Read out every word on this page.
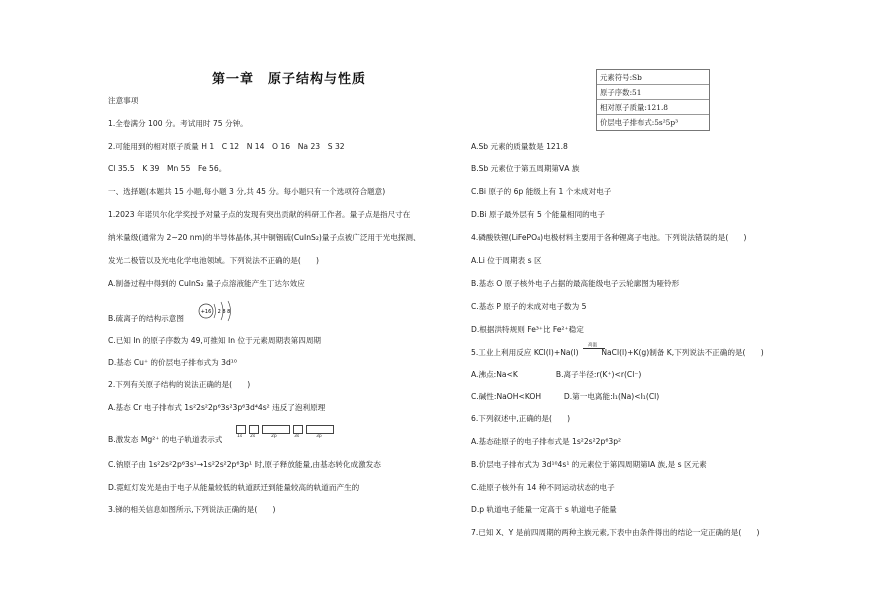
第一章　原子结构与性质	元素符号:Sb
原子序数:51
相对原子质量:121.8
价层电子排布式:5s²5p³
注意事项
1.全卷满分 100 分。考试用时 75 分钟。
2.可能用到的相对原子质量 H 1　C 12　N 14　O 16　Na 23　S 32
Cl 35.5　K 39　Mn 55　Fe 56。
一、选择题(本题共 15 小题,每小题 3 分,共 45 分。每小题只有一个选项符合题意)
1.2023 年诺贝尔化学奖授予对量子点的发现有突出贡献的科研工作者。量子点是指尺寸在
纳米量级(通常为 2~20 nm)的半导体晶体,其中铜铟硫(CuInS₂)量子点被广泛用于光电探测、
发光二极管以及光电化学电池领域。下列说法不正确的是(　　)
A.制备过程中得到的 CuInS₂ 量子点溶液能产生丁达尔效应
B.硫离子的结构示意图
C.已知 In 的原子序数为 49,可推知 In 位于元素周期表第四周期
D.基态 Cu⁺ 的价层电子排布式为 3d¹⁰
2.下列有关原子结构的说法正确的是(　　)
A.基态 Cr 电子排布式 1s²2s²2p⁶3s²3p⁶3d⁴4s² 违反了泡利原理
B.激发态 Mg²⁺ 的电子轨道表示式
C.钠原子由 1s²2s²2p⁶3s¹→1s²2s²2p⁶3p¹ 时,原子释放能量,由基态转化成激发态
D.霓虹灯发光是由于电子从能量较低的轨道跃迁到能量较高的轨道而产生的
3.锑的相关信息如图所示,下列说法正确的是(　　)
+16 2 8 8
1s 2s	2p	3s	3p
A.Sb 元素的质量数是 121.8
B.Sb 元素位于第五周期第ⅤA 族
C.Bi 原子的 6p 能级上有 1 个未成对电子
D.Bi 原子最外层有 5 个能量相同的电子
4.磷酸铁锂(LiFePO₄)电极材料主要用于各种锂离子电池。下列说法错误的是(　　)
A.Li 位于周期表 s 区
B.基态 O 原子核外电子占据的最高能级电子云轮廓图为哑铃形
C.基态 P 原子的未成对电子数为 5
D.根据洪特规则 Fe³⁺比 Fe²⁺稳定
5.工业上利用反应 KCl(l)+Na(l)　　　NaCl(l)+K(g)制备 K,下列说法不正确的是(　　)
A.沸点:Na<K　　　　　B.离子半径:r(K⁺)<r(Cl⁻)
C.碱性:NaOH<KOH　　　D.第一电离能:I₁(Na)<I₁(Cl)
6.下列叙述中,正确的是(　　)
A.基态硅原子的电子排布式是 1s²2s²2p⁶3p²
B.价层电子排布式为 3d¹⁰4s¹ 的元素位于第四周期第ⅠA 族,是 s 区元素
C.硅原子核外有 14 种不同运动状态的电子
D.p 轨道电子能量一定高于 s 轨道电子能量
7.已知 X、Y 是前四周期的两种主族元素,下表中由条件得出的结论一定正确的是(　　)
高温
